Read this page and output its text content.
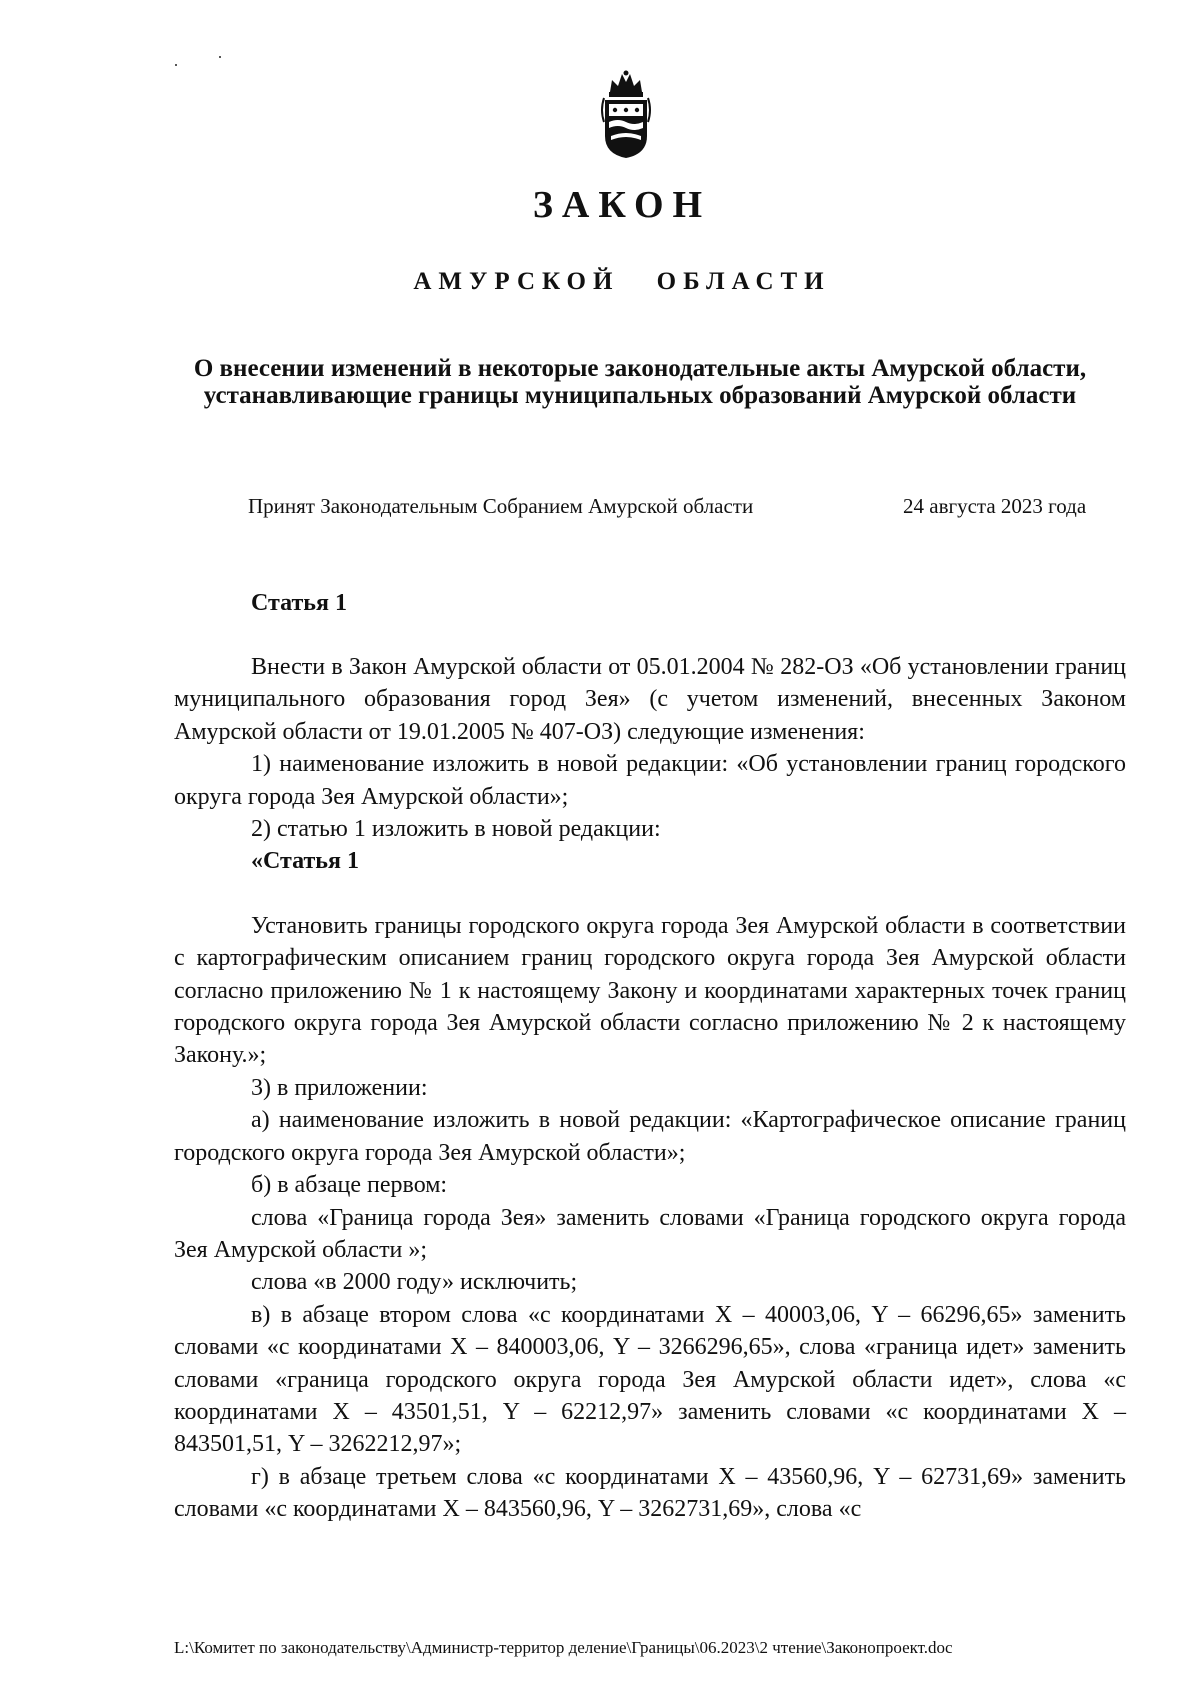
ЗАКОН
АМУРСКОЙ ОБЛАСТИ
О внесении изменений в некоторые законодательные акты Амурской области, устанавливающие границы муниципальных образований Амурской области
Принят Законодательным Собранием Амурской области	24 августа 2023 года
Статья 1

Внести в Закон Амурской области от 05.01.2004 № 282-ОЗ «Об установлении границ муниципального образования город Зея» (с учетом изменений, внесенных Законом Амурской области от 19.01.2005 № 407-ОЗ) следующие изменения:

1) наименование изложить в новой редакции: «Об установлении границ городского округа города Зея Амурской области»;

2) статью 1 изложить в новой редакции:

«Статья 1

Установить границы городского округа города Зея Амурской области в соответствии с картографическим описанием границ городского округа города Зея Амурской области согласно приложению № 1 к настоящему Закону и координатами характерных точек границ городского округа города Зея Амурской области согласно приложению № 2 к настоящему Закону.»;

3) в приложении:

а) наименование изложить в новой редакции: «Картографическое описание границ городского округа города Зея Амурской области»;

б) в абзаце первом:

слова «Граница города Зея» заменить словами «Граница городского округа города Зея Амурской области »;

слова «в 2000 году» исключить;

в) в абзаце втором слова «с координатами Х – 40003,06, Y – 66296,65» заменить словами «с координатами Х – 840003,06, Y – 3266296,65», слова «граница идет» заменить словами «граница городского округа города Зея Амурской области идет», слова «с координатами Х – 43501,51, Y – 62212,97» заменить словами «с координатами Х – 843501,51, Y – 3262212,97»;

г) в абзаце третьем слова «с координатами Х – 43560,96, Y – 62731,69» заменить словами «с координатами Х – 843560,96, Y – 3262731,69», слова «с

L:\Комитет по законодательству\Администр-территор деление\Границы\06.2023\2 чтение\Законопроект.doc
